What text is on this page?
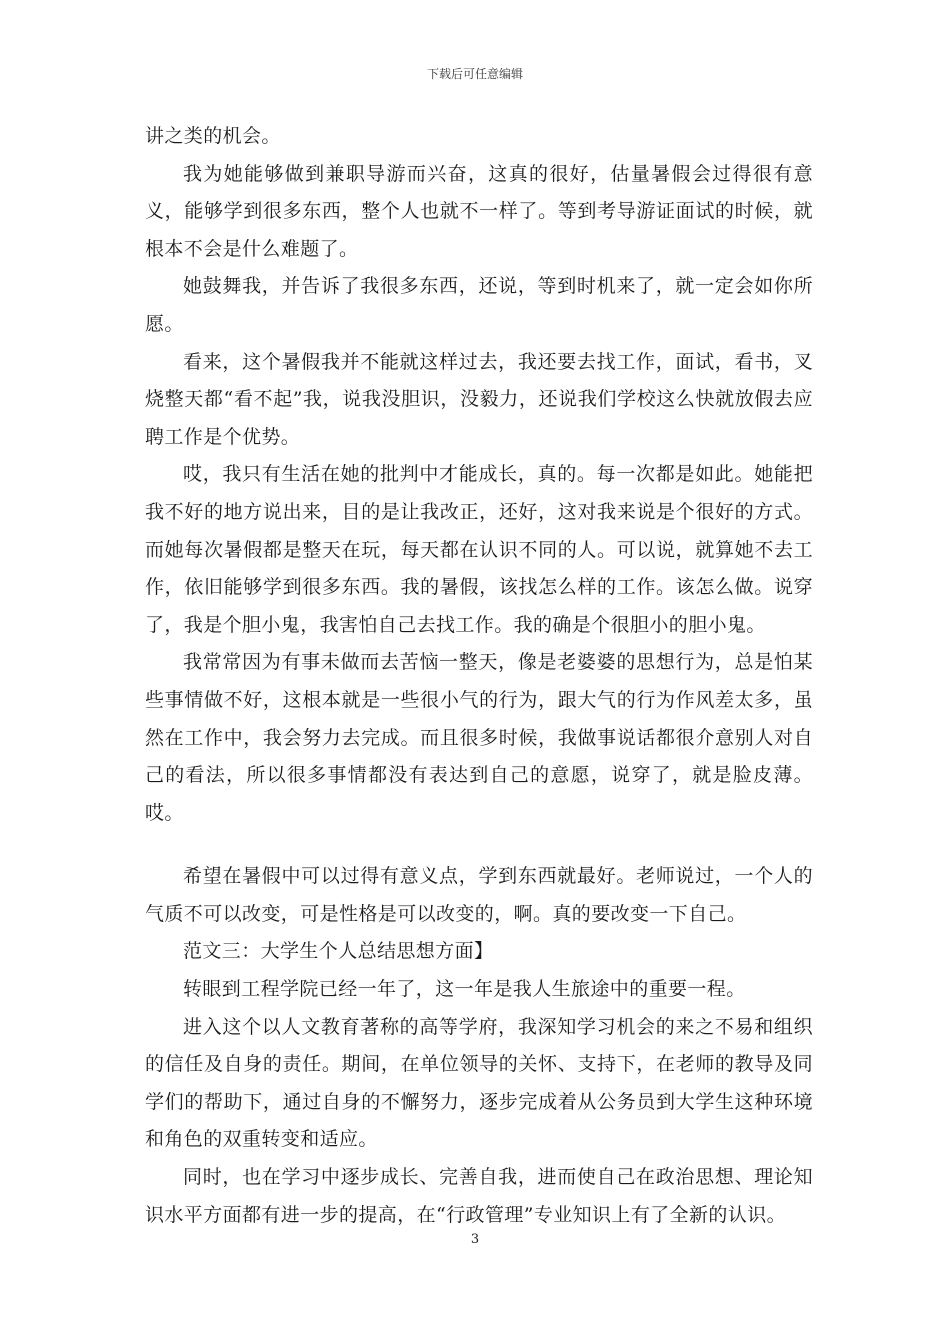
下载后可任意编辑

讲之类的机会。

我为她能够做到兼职导游而兴奋，这真的很好，估量暑假会过得很有意义，能够学到很多东西，整个人也就不一样了。等到考导游证面试的时候，就根本不会是什么难题了。

她鼓舞我，并告诉了我很多东西，还说，等到时机来了，就一定会如你所愿。

看来，这个暑假我并不能就这样过去，我还要去找工作，面试，看书，叉烧整天都“看不起”我，说我没胆识，没毅力，还说我们学校这么快就放假去应聘工作是个优势。

哎，我只有生活在她的批判中才能成长，真的。每一次都是如此。她能把我不好的地方说出来，目的是让我改正，还好，这对我来说是个很好的方式。而她每次暑假都是整天在玩，每天都在认识不同的人。可以说，就算她不去工作，依旧能够学到很多东西。我的暑假，该找怎么样的工作。该怎么做。说穿了，我是个胆小鬼，我害怕自己去找工作。我的确是个很胆小的胆小鬼。

我常常因为有事未做而去苦恼一整天，像是老婆婆的思想行为，总是怕某些事情做不好，这根本就是一些很小气的行为，跟大气的行为作风差太多，虽然在工作中，我会努力去完成。而且很多时候，我做事说话都很介意别人对自己的看法，所以很多事情都没有表达到自己的意愿，说穿了，就是脸皮薄。哎。

希望在暑假中可以过得有意义点，学到东西就最好。老师说过，一个人的气质不可以改变，可是性格是可以改变的，啊。真的要改变一下自己。

范文三：大学生个人总结思想方面】

转眼到工程学院已经一年了，这一年是我人生旅途中的重要一程。

进入这个以人文教育著称的高等学府，我深知学习机会的来之不易和组织的信任及自身的责任。期间，在单位领导的关怀、支持下，在老师的教导及同学们的帮助下，通过自身的不懈努力，逐步完成着从公务员到大学生这种环境和角色的双重转变和适应。

同时，也在学习中逐步成长、完善自我，进而使自己在政治思想、理论知识水平方面都有进一步的提高，在“行政管理”专业知识上有了全新的认识。

3
